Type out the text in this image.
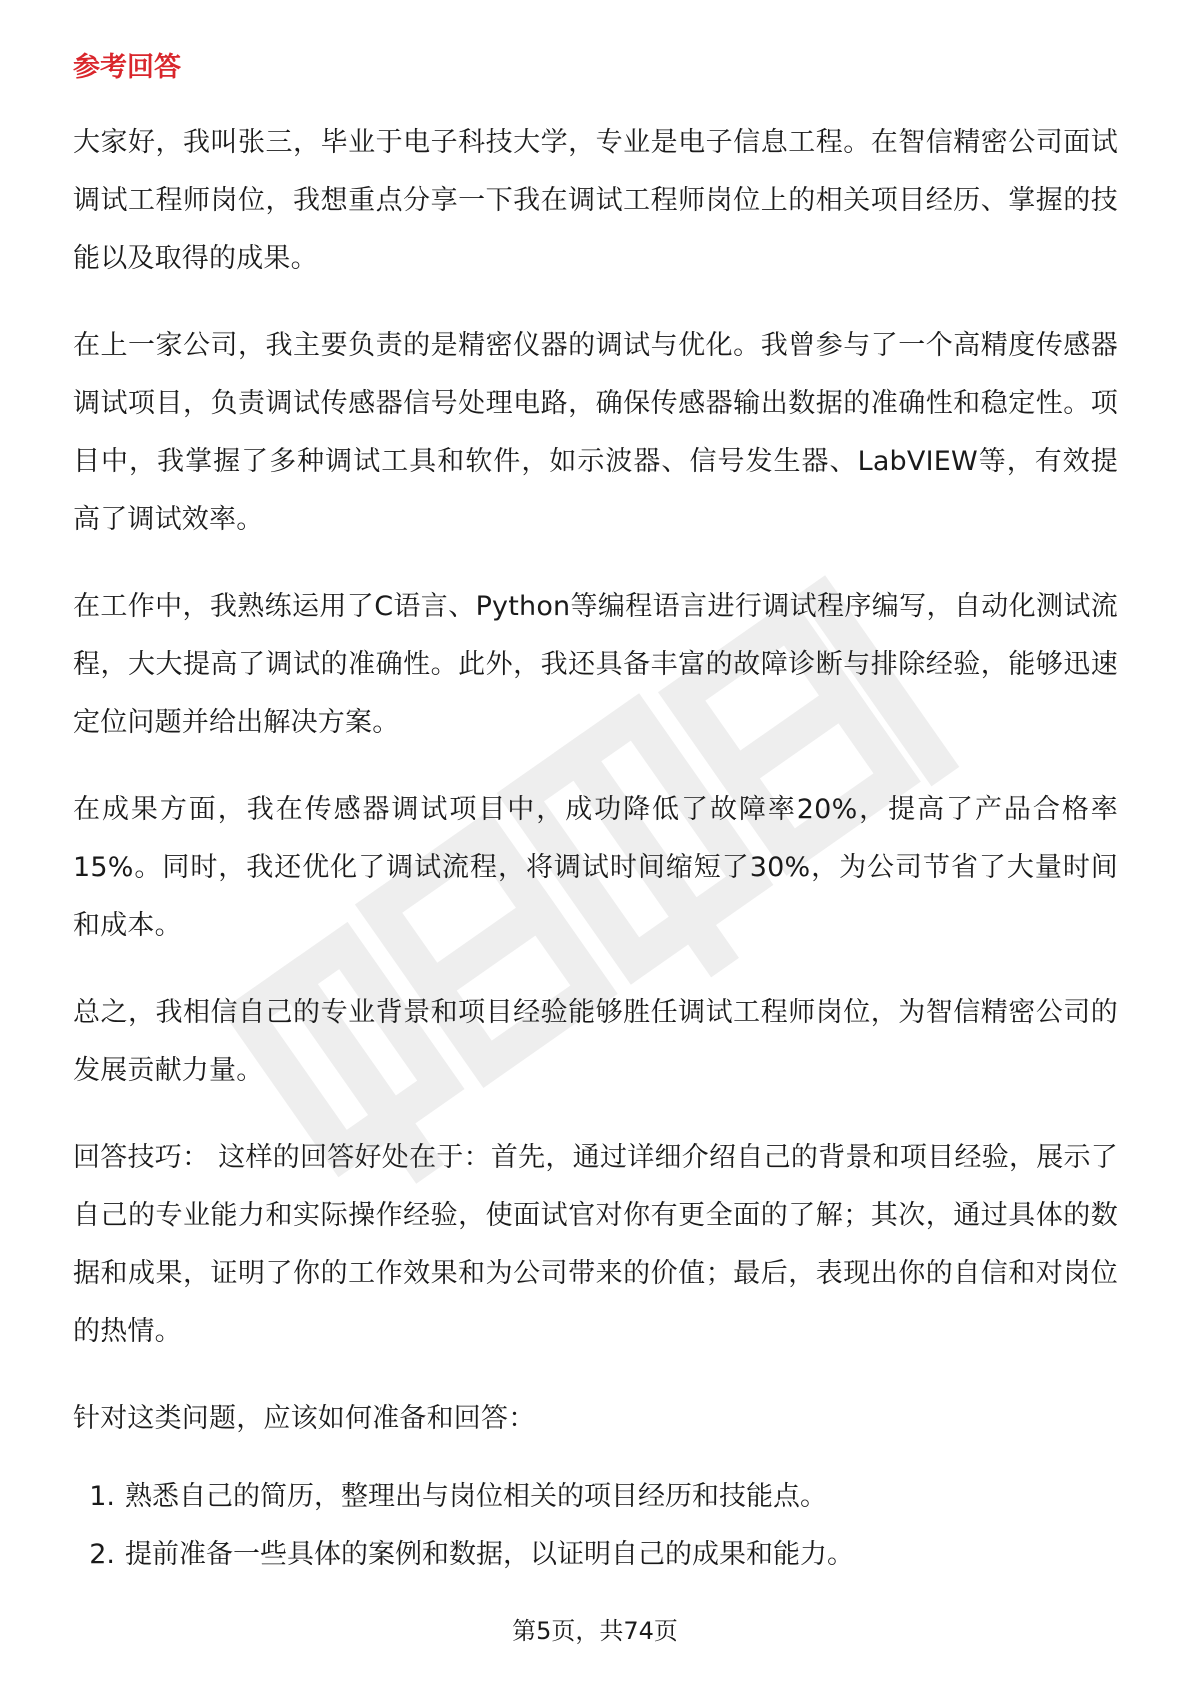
参考回答

大家好，我叫张三，毕业于电子科技大学，专业是电子信息工程。在智信精密公司面试调试工程师岗位，我想重点分享一下我在调试工程师岗位上的相关项目经历、掌握的技能以及取得的成果。

在上一家公司，我主要负责的是精密仪器的调试与优化。我曾参与了一个高精度传感器调试项目，负责调试传感器信号处理电路，确保传感器输出数据的准确性和稳定性。项目中，我掌握了多种调试工具和软件，如示波器、信号发生器、LabVIEW等，有效提高了调试效率。

在工作中，我熟练运用了C语言、Python等编程语言进行调试程序编写，自动化测试流程，大大提高了调试的准确性。此外，我还具备丰富的故障诊断与排除经验，能够迅速定位问题并给出解决方案。

在成果方面，我在传感器调试项目中，成功降低了故障率20%，提高了产品合格率15%。同时，我还优化了调试流程，将调试时间缩短了30%，为公司节省了大量时间和成本。

总之，我相信自己的专业背景和项目经验能够胜任调试工程师岗位，为智信精密公司的发展贡献力量。

回答技巧： 这样的回答好处在于：首先，通过详细介绍自己的背景和项目经验，展示了自己的专业能力和实际操作经验，使面试官对你有更全面的了解；其次，通过具体的数据和成果，证明了你的工作效果和为公司带来的价值；最后，表现出你的自信和对岗位的热情。

针对这类问题，应该如何准备和回答：

1. 熟悉自己的简历，整理出与岗位相关的项目经历和技能点。
2. 提前准备一些具体的案例和数据，以证明自己的成果和能力。
第5页，共74页
